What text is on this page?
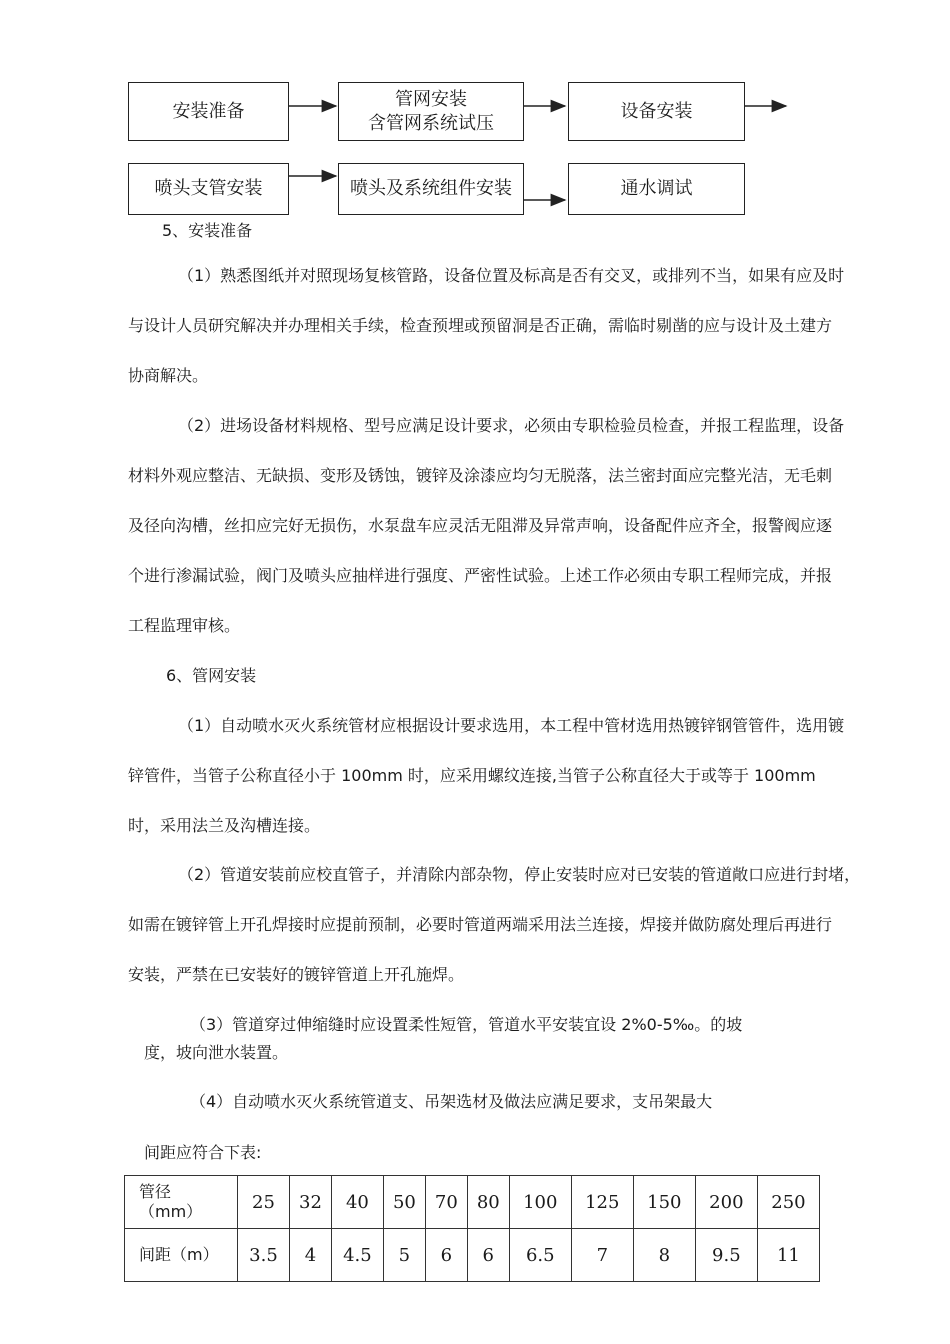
安装准备
管网安装
含管网系统试压
设备安装
喷头支管安装	喷头及系统组件安装	通水调试
5、安装准备
（1）熟悉图纸并对照现场复核管路，设备位置及标高是否有交叉，或排列不当，如果有应及时
与设计人员研究解决并办理相关手续，检查预埋或预留洞是否正确，需临时剔凿的应与设计及土建方
协商解决。
（2）进场设备材料规格、型号应满足设计要求，必须由专职检验员检查，并报工程监理，设备
材料外观应整洁、无缺损、变形及锈蚀，镀锌及涂漆应均匀无脱落，法兰密封面应完整光洁，无毛刺
及径向沟槽，丝扣应完好无损伤，水泵盘车应灵活无阻滞及异常声响，设备配件应齐全，报警阀应逐
个进行渗漏试验，阀门及喷头应抽样进行强度、严密性试验。上述工作必须由专职工程师完成，并报
工程监理审核。
6、管网安装
（1）自动喷水灭火系统管材应根据设计要求选用，本工程中管材选用热镀锌钢管管件，选用镀
锌管件，当管子公称直径小于 100mm 时，应采用螺纹连接,当管子公称直径大于或等于 100mm
时，采用法兰及沟槽连接。
（2）管道安装前应校直管子，并清除内部杂物，停止安装时应对已安装的管道敞口应进行封堵，
如需在镀锌管上开孔焊接时应提前预制，必要时管道两端采用法兰连接，焊接并做防腐处理后再进行
安装，严禁在已安装好的镀锌管道上开孔施焊。
（3）管道穿过伸缩缝时应设置柔性短管，管道水平安装宜设 2%0-5‰。的坡
度，坡向泄水装置。
（4）自动喷水灭火系统管道支、吊架选材及做法应满足要求，支吊架最大
间距应符合下表:
管径
（mm）	25	32	40	50	70	80	100	125	150	200	250
间距（m）	3.5	4	4.5	5	6	6	6.5	7	8	9.5	11
